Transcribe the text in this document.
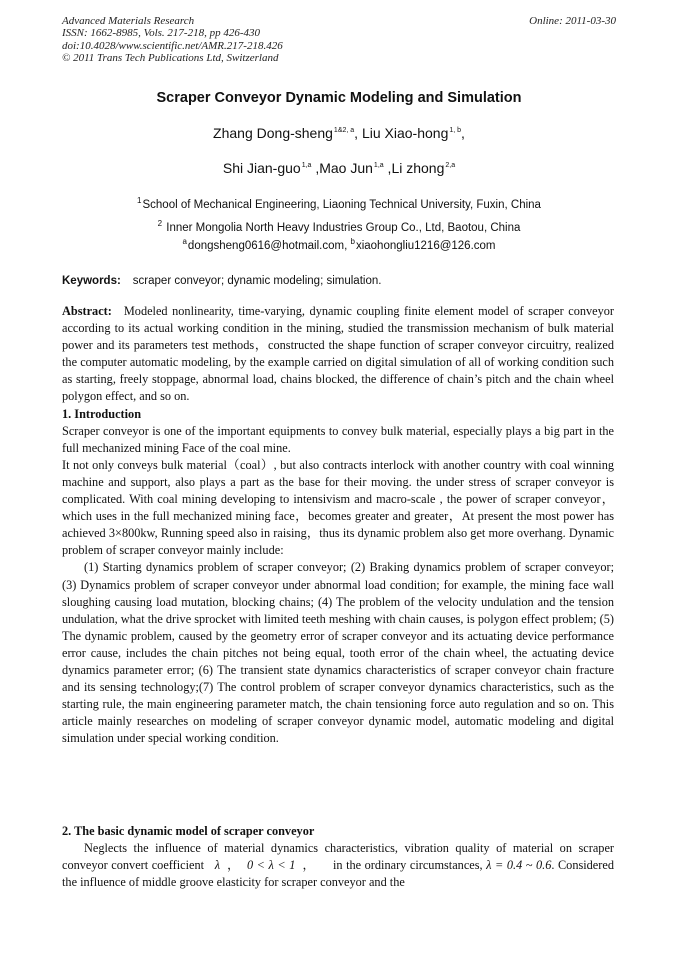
Advanced Materials Research
ISSN: 1662-8985, Vols. 217-218, pp 426-430
doi:10.4028/www.scientific.net/AMR.217-218.426
© 2011 Trans Tech Publications Ltd, Switzerland
Online: 2011-03-30
Scraper Conveyor Dynamic Modeling and Simulation
Zhang Dong-sheng$^{1\&2, a}$, Liu Xiao-hong$^{1, b}$,
Shi Jian-guo$^{1,a}$ ,Mao Jun$^{1,a}$ ,Li zhong$^{2,a}$
$^1$School of Mechanical Engineering, Liaoning Technical University, Fuxin, China
$^2$ Inner Mongolia North Heavy Industries Group Co., Ltd, Baotou, China
$^a$dongsheng0616@hotmail.com, $^b$xiaohongliu1216@126.com
Keywords: scraper conveyor; dynamic modeling; simulation.

Abstract: Modeled nonlinearity, time-varying, dynamic coupling finite element model of scraper conveyor according to its actual working condition in the mining, studied the transmission mechanism of bulk material power and its parameters test methods，constructed the shape function of scraper conveyor circuitry, realized the computer automatic modeling, by the example carried on digital simulation of all of working condition such as starting, freely stoppage, abnormal load, chains blocked, the difference of chain’s pitch and the chain wheel polygon effect, and so on.

1. Introduction

Scraper conveyor is one of the important equipments to convey bulk material, especially plays a big part in the full mechanized mining Face of the coal mine.

It not only conveys bulk material（coal）, but also contracts interlock with another country with coal winning machine and support, also plays a part as the base for their moving. the under stress of scraper conveyor is complicated. With coal mining developing to intensivism and macro-scale , the power of scraper conveyor，which uses in the full mechanized mining face，becomes greater and greater，At present the most power has achieved 3×800kw, Running speed also in raising，thus its dynamic problem also get more overhang. Dynamic problem of scraper conveyor mainly include:

(1) Starting dynamics problem of scraper conveyor; (2) Braking dynamics problem of scraper conveyor; (3) Dynamics problem of scraper conveyor under abnormal load condition; for example, the mining face wall sloughing causing load mutation, blocking chains; (4) The problem of the velocity undulation and the tension undulation, what the drive sprocket with limited teeth meshing with chain causes, is polygon effect problem; (5) The dynamic problem, caused by the geometry error of scraper conveyor and its actuating device performance error cause, includes the chain pitches not being equal, tooth error of the chain wheel, the actuating device dynamics parameter error; (6) The transient state dynamics characteristics of scraper conveyor chain fracture and its sensing technology;(7) The control problem of scraper conveyor dynamics characteristics, such as the starting rule, the main engineering parameter match, the chain tensioning force auto regulation and so on. This article mainly researches on modeling of scraper conveyor dynamic model, automatic modeling and digital simulation under special working condition.

2. The basic dynamic model of scraper conveyor

Neglects the influence of material dynamics characteristics, vibration quality of material on scraper conveyor convert coefficient λ  ，  0 < λ < 1  ，     in the ordinary circumstances, λ = 0.4 ~ 0.6. Considered the influence of middle groove elasticity for scraper conveyor and the
